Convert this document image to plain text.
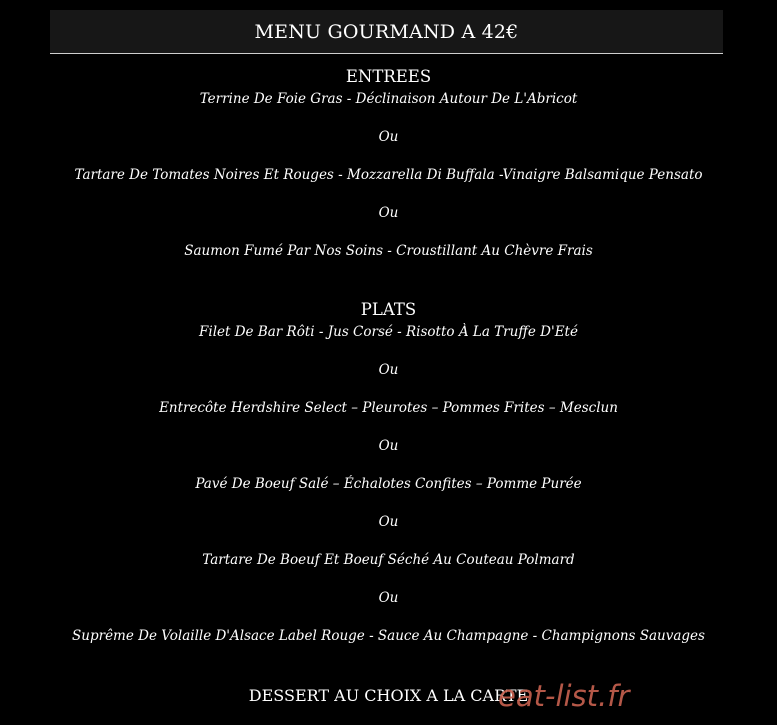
MENU GOURMAND A 42€
ENTREES
Terrine De Foie Gras - Déclinaison Autour De L'Abricot
Ou
Tartare De Tomates Noires Et Rouges - Mozzarella Di Buffala -Vinaigre Balsamique Pensato
Ou
Saumon Fumé Par Nos Soins - Croustillant Au Chèvre Frais
PLATS
Filet De Bar Rôti - Jus Corsé - Risotto À La Truffe D'Eté
Ou
Entrecôte Herdshire Select – Pleurotes – Pommes Frites – Mesclun
Ou
Pavé De Boeuf Salé – Échalotes Confites – Pomme Purée
Ou
Tartare De Boeuf Et Boeuf Séché Au Couteau Polmard
Ou
Suprême De Volaille D'Alsace Label Rouge - Sauce Au Champagne - Champignons Sauvages
DESSERT AU CHOIX A LA CARTE
eat-list.fr
